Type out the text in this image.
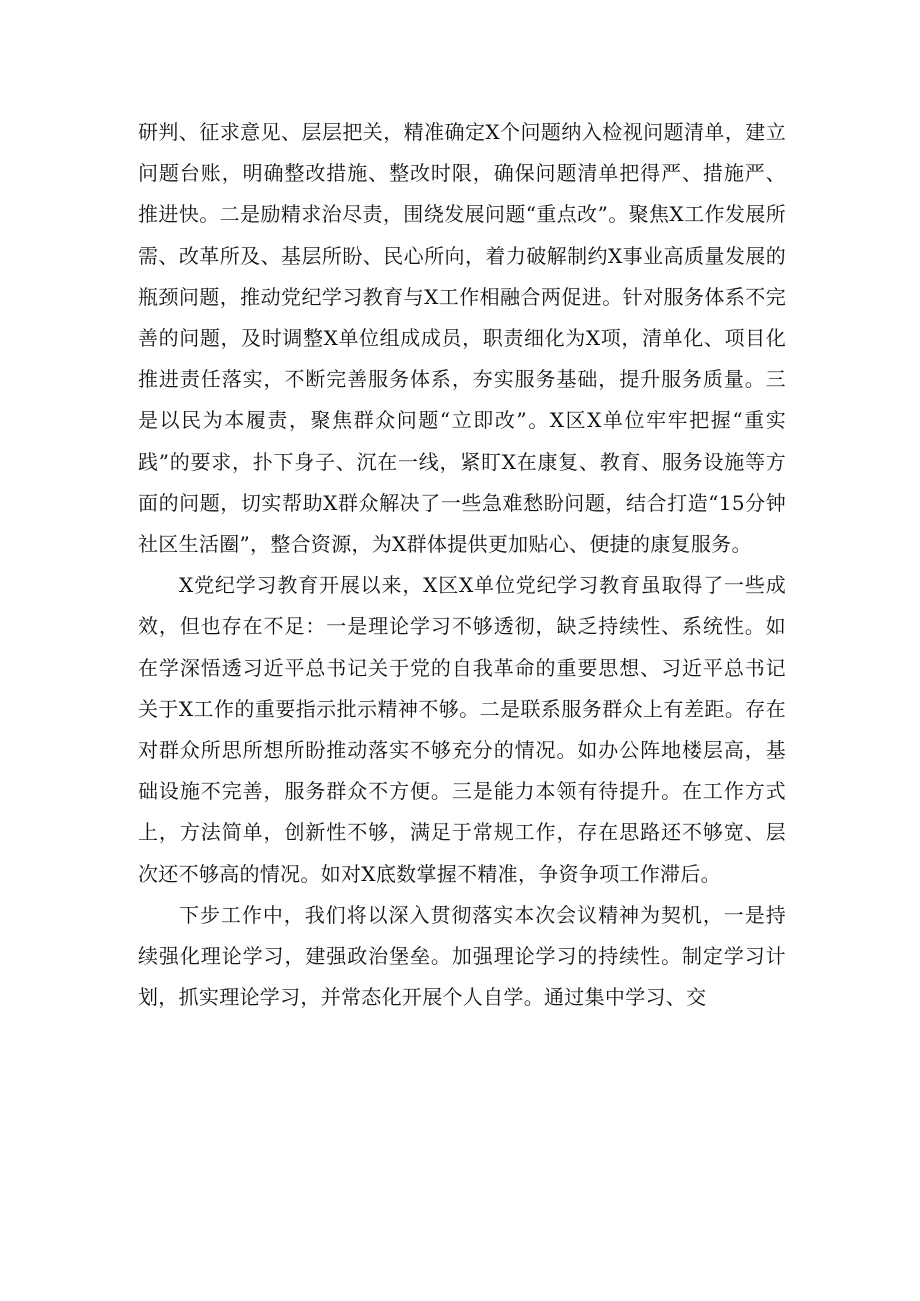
研判、征求意见、层层把关，精准确定X个问题纳入检视问题清单，建立问题台账，明确整改措施、整改时限，确保问题清单把得严、措施严、推进快。二是励精求治尽责，围绕发展问题“重点改”。聚焦X工作发展所需、改革所及、基层所盼、民心所向，着力破解制约X事业高质量发展的瓶颈问题，推动党纪学习教育与X工作相融合两促进。针对服务体系不完善的问题，及时调整X单位组成成员，职责细化为X项，清单化、项目化推进责任落实，不断完善服务体系，夯实服务基础，提升服务质量。三是以民为本履责，聚焦群众问题“立即改”。X区X单位牢牢把握“重实践”的要求，扑下身子、沉在一线，紧盯X在康复、教育、服务设施等方面的问题，切实帮助X群众解决了一些急难愁盼问题，结合打造“15分钟社区生活圈”，整合资源，为X群体提供更加贴心、便捷的康复服务。

X党纪学习教育开展以来，X区X单位党纪学习教育虽取得了一些成效，但也存在不足：一是理论学习不够透彻，缺乏持续性、系统性。如在学深悟透习近平总书记关于党的自我革命的重要思想、习近平总书记关于X工作的重要指示批示精神不够。二是联系服务群众上有差距。存在对群众所思所想所盼推动落实不够充分的情况。如办公阵地楼层高，基础设施不完善，服务群众不方便。三是能力本领有待提升。在工作方式上，方法简单，创新性不够，满足于常规工作，存在思路还不够宽、层次还不够高的情况。如对X底数掌握不精准，争资争项工作滞后。

下步工作中，我们将以深入贯彻落实本次会议精神为契机，一是持续强化理论学习，建强政治堡垒。加强理论学习的持续性。制定学习计划，抓实理论学习，并常态化开展个人自学。通过集中学习、交
